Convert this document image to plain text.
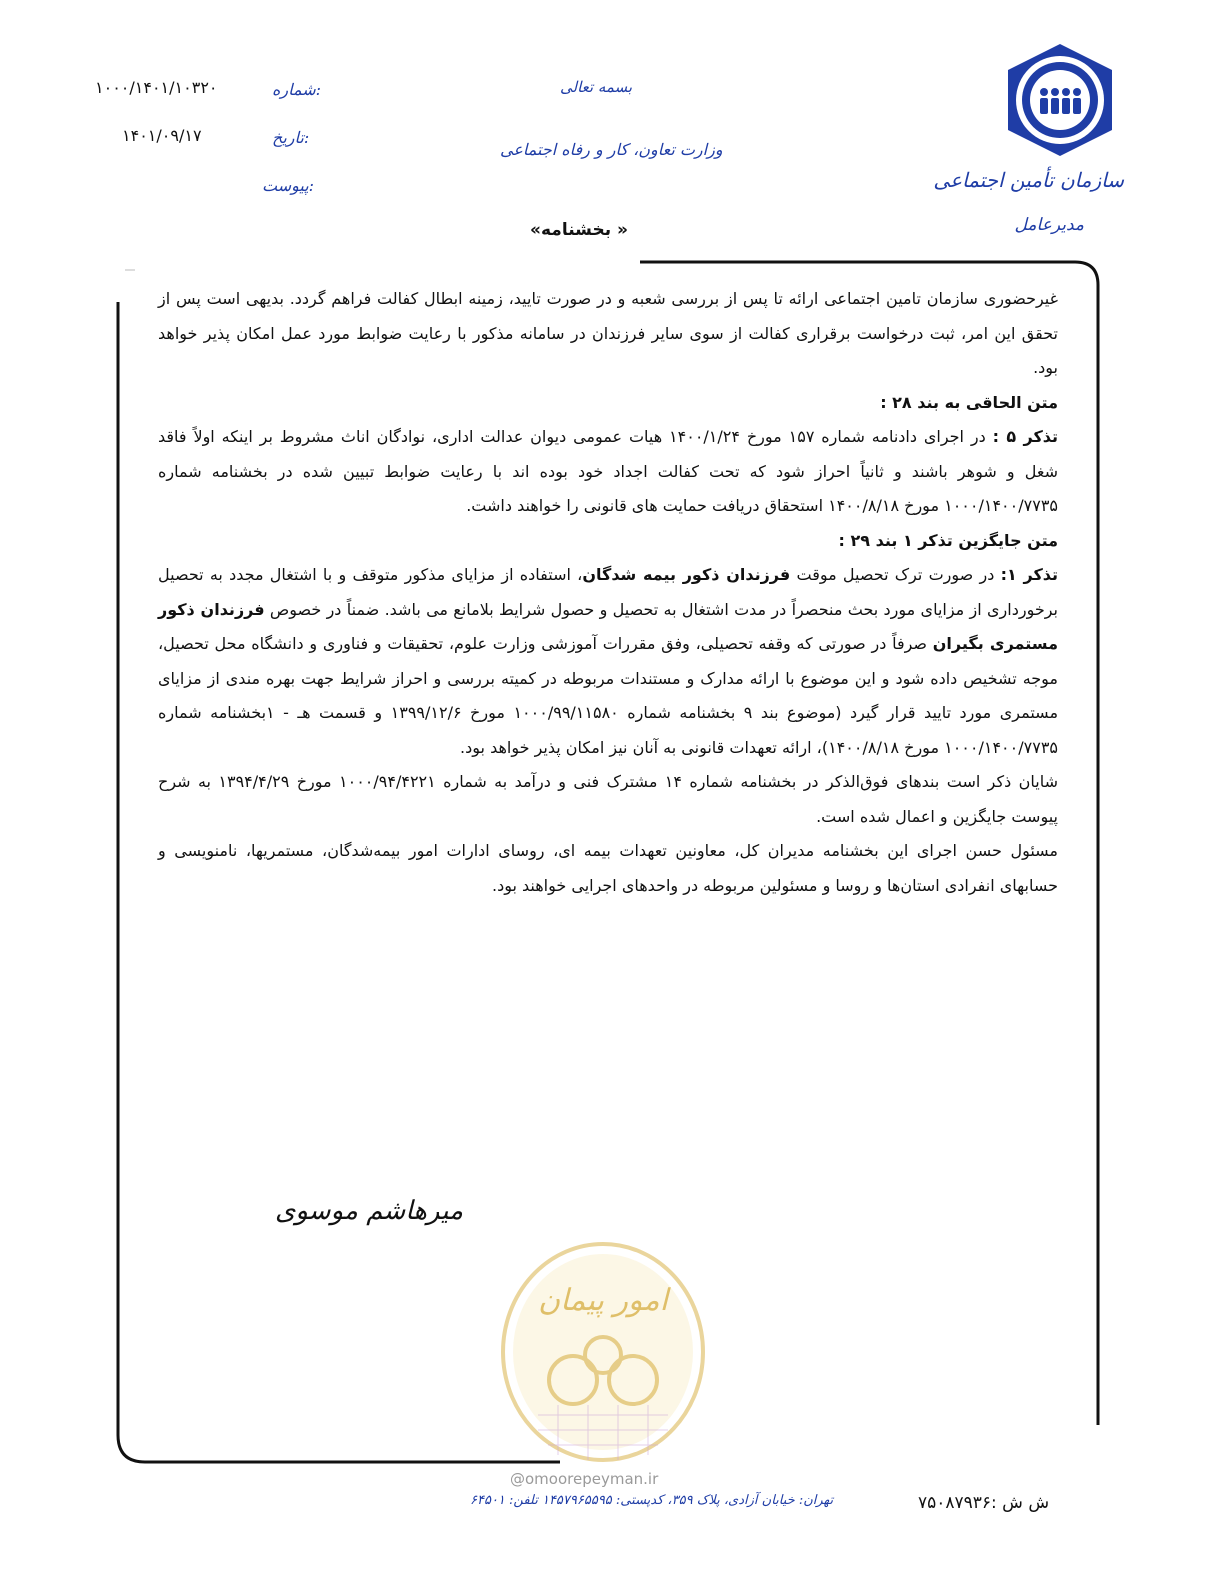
سازمان تأمین اجتماعی
مدیرعامل
بسمه تعالی
وزارت تعاون، کار و رفاه اجتماعی
شماره:
۱۰۰۰/۱۴۰۱/۱۰۳۲۰
تاریخ:
۱۴۰۱/۰۹/۱۷
پیوست:
«بخشنامه »

غیرحضوری سازمان تامین اجتماعی ارائه تا پس از بررسی شعبه و در صورت تایید، زمینه ابطال کفالت فراهم گردد. بدیهی است پس از تحقق این امر، ثبت درخواست برقراری کفالت از سوی سایر فرزندان در سامانه مذکور با رعایت ضوابط مورد عمل امکان پذیر خواهد بود.

متن الحاقی به بند ۲۸ :

تذکر ۵ : در اجرای دادنامه شماره ۱۵۷ مورخ ۱۴۰۰/۱/۲۴ هیات عمومی دیوان عدالت اداری، نوادگان اناث مشروط بر اینکه اولاً فاقد شغل و شوهر باشند و ثانیاً احراز شود که تحت کفالت اجداد خود بوده اند با رعایت ضوابط تبیین شده در بخشنامه شماره ۱۰۰۰/۱۴۰۰/۷۷۳۵ مورخ ۱۴۰۰/۸/۱۸ استحقاق دریافت حمایت های قانونی را خواهند داشت.

متن جایگزین تذکر ۱ بند ۲۹ :

تذکر ۱: در صورت ترک تحصیل موقت فرزندان ذکور بیمه شدگان، استفاده از مزایای مذکور متوقف و با اشتغال مجدد به تحصیل برخورداری از مزایای مورد بحث منحصراً در مدت اشتغال به تحصیل و حصول شرایط بلامانع می باشد. ضمناً در خصوص فرزندان ذکور مستمری بگیران صرفاً در صورتی که وقفه تحصیلی، وفق مقررات آموزشی وزارت علوم، تحقیقات و فناوری و دانشگاه محل تحصیل، موجه تشخیص داده شود و این موضوع با ارائه مدارک و مستندات مربوطه در کمیته بررسی و احراز شرایط جهت بهره مندی از مزایای مستمری مورد تایید قرار گیرد (موضوع بند ۹ بخشنامه شماره ۱۰۰۰/۹۹/۱۱۵۸۰ مورخ ۱۳۹۹/۱۲/۶ و قسمت هـ - ۱بخشنامه شماره ۱۰۰۰/۱۴۰۰/۷۷۳۵ مورخ ۱۴۰۰/۸/۱۸)، ارائه تعهدات قانونی به آنان نیز امکان پذیر خواهد بود.

شایان ذکر است بندهای فوق‌الذکر در بخشنامه شماره ۱۴ مشترک فنی و درآمد به شماره ۱۰۰۰/۹۴/۴۲۲۱ مورخ ۱۳۹۴/۴/۲۹ به شرح پیوست جایگزین و اعمال شده است.

مسئول حسن اجرای این بخشنامه مدیران کل، معاونین تعهدات بیمه ای، روسای ادارات امور بیمه‌شدگان، مستمریها، نامنویسی و حسابهای انفرادی استان‌ها و روسا و مسئولین مربوطه در واحدهای اجرایی خواهند بود.

میرهاشم موسوی
امور پیمان
@omoorepeyman.ir
تهران: خیابان آزادی، پلاک ۳۵۹، کدپستی: ۱۴۵۷۹۶۵۵۹۵ تلفن: ۶۴۵۰۱	ش ش :۷۵۰۸۷۹۳۶
